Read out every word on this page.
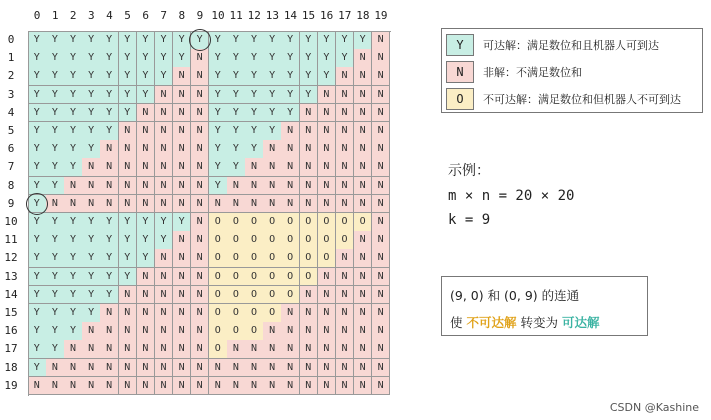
0	1	2	3	4	5	6	7	8	9 10 11 12 13 14 15 16 17 18 19
0
1
2
3
4
5
6
7
8
9
10
11
12
13
14
15
16
17
18
19
Y	Y	Y	Y	Y	Y	Y	Y	Y	Y	Y	Y	Y	Y	Y	Y	Y	Y	Y	N
Y	Y	Y	Y	Y	Y	Y	Y	Y	N	Y	Y	Y	Y	Y	Y	Y	Y	N	N
Y	Y	Y	Y	Y	Y	Y	Y	N	N	Y	Y	Y	Y	Y	Y	Y	N	N	N
Y	Y	Y	Y	Y	Y	Y	N	N	N	Y	Y	Y	Y	Y	Y	N	N	N	N
Y	Y	Y	Y	Y	Y	N	N	N	N	Y	Y	Y	Y	Y	N	N	N	N	N
Y	Y	Y	Y	Y	N	N	N	N	N	Y	Y	Y	Y	N	N	N	N	N	N
Y	Y	Y	Y	N	N	N	N	N	N	Y	Y	Y	N	N	N	N	N	N	N
Y	Y	Y	N	N	N	N	N	N	N	Y	Y	N	N	N	N	N	N	N	N
Y	Y	N	N	N	N	N	N	N	N	Y	N	N	N	N	N	N	N	N	N
Y	N	N	N	N	N	N	N	N	N	N	N	N	N	N	N	N	N	N	N
Y	Y	Y	Y	Y	Y	Y	Y	Y	N	O	O	O	O	O	O	O	O	O	N
Y	Y	Y	Y	Y	Y	Y	Y	N	N	O	O	O	O	O	O	O	O	N	N
Y	Y	Y	Y	Y	Y	Y	N	N	N	O	O	O	O	O	O	O	N	N	N
Y	Y	Y	Y	Y	Y	N	N	N	N	O	O	O	O	O	O	N	N	N	N
Y	Y	Y	Y	Y	N	N	N	N	N	O	O	O	O	O	N	N	N	N	N
Y	Y	Y	Y	N	N	N	N	N	N	O	O	O	O	N	N	N	N	N	N
Y	Y	Y	N	N	N	N	N	N	N	O	O	O	N	N	N	N	N	N	N
Y	Y	N	N	N	N	N	N	N	N	O	N	N	N	N	N	N	N	N	N
Y	N	N	N	N	N	N	N	N	N	N	N	N	N	N	N	N	N	N	N
N	N	N	N	N	N	N	N	N	N	N	N	N	N	N	N	N	N	N	N
Y	可达解：满足数位和且机器人可到达
N	非解：不满足数位和
O	不可达解：满足数位和但机器人不可到达
示例：
m × n = 20 × 20
k = 9
(9, 0) 和 (0, 9) 的连通
使 不可达解 转变为 可达解
CSDN @Kashine
